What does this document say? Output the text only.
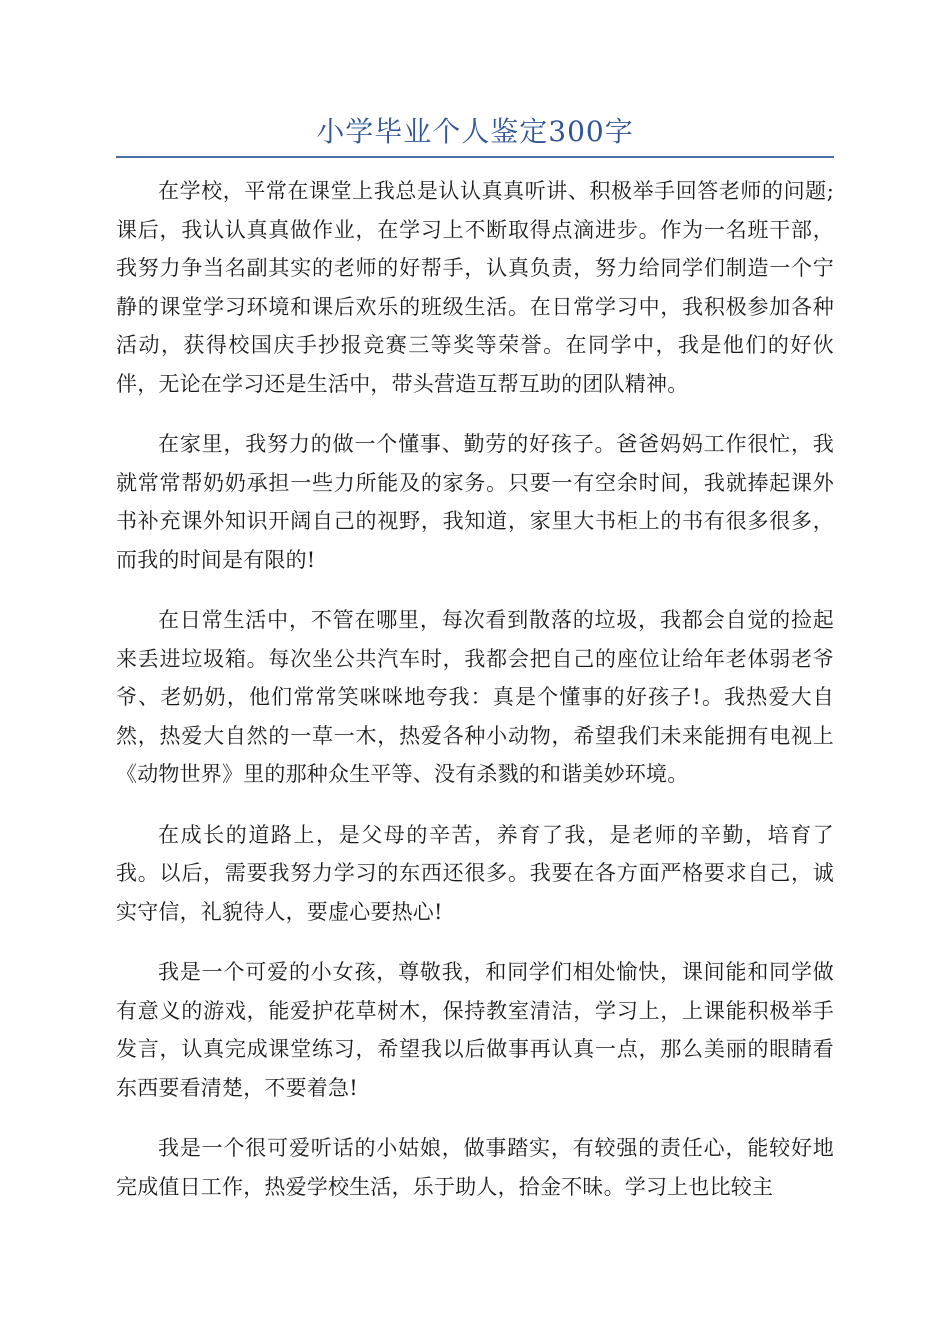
小学毕业个人鉴定300字

在学校，平常在课堂上我总是认认真真听讲、积极举手回答老师的问题;课后，我认认真真做作业，在学习上不断取得点滴进步。作为一名班干部，我努力争当名副其实的老师的好帮手，认真负责，努力给同学们制造一个宁静的课堂学习环境和课后欢乐的班级生活。在日常学习中，我积极参加各种活动，获得校国庆手抄报竞赛三等奖等荣誉。在同学中，我是他们的好伙伴，无论在学习还是生活中，带头营造互帮互助的团队精神。

在家里，我努力的做一个懂事、勤劳的好孩子。爸爸妈妈工作很忙，我就常常帮奶奶承担一些力所能及的家务。只要一有空余时间，我就捧起课外书补充课外知识开阔自己的视野，我知道，家里大书柜上的书有很多很多，而我的时间是有限的!

在日常生活中，不管在哪里，每次看到散落的垃圾，我都会自觉的捡起来丢进垃圾箱。每次坐公共汽车时，我都会把自己的座位让给年老体弱老爷爷、老奶奶，他们常常笑咪咪地夸我：真是个懂事的好孩子!。我热爱大自然，热爱大自然的一草一木，热爱各种小动物，希望我们未来能拥有电视上《动物世界》里的那种众生平等、没有杀戮的和谐美妙环境。

在成长的道路上，是父母的辛苦，养育了我，是老师的辛勤，培育了我。以后，需要我努力学习的东西还很多。我要在各方面严格要求自己，诚实守信，礼貌待人，要虚心要热心!

我是一个可爱的小女孩，尊敬我，和同学们相处愉快，课间能和同学做有意义的游戏，能爱护花草树木，保持教室清洁，学习上，上课能积极举手发言，认真完成课堂练习，希望我以后做事再认真一点，那么美丽的眼睛看东西要看清楚，不要着急!

我是一个很可爱听话的小姑娘，做事踏实，有较强的责任心，能较好地完成值日工作，热爱学校生活，乐于助人，拾金不昧。学习上也比较主
